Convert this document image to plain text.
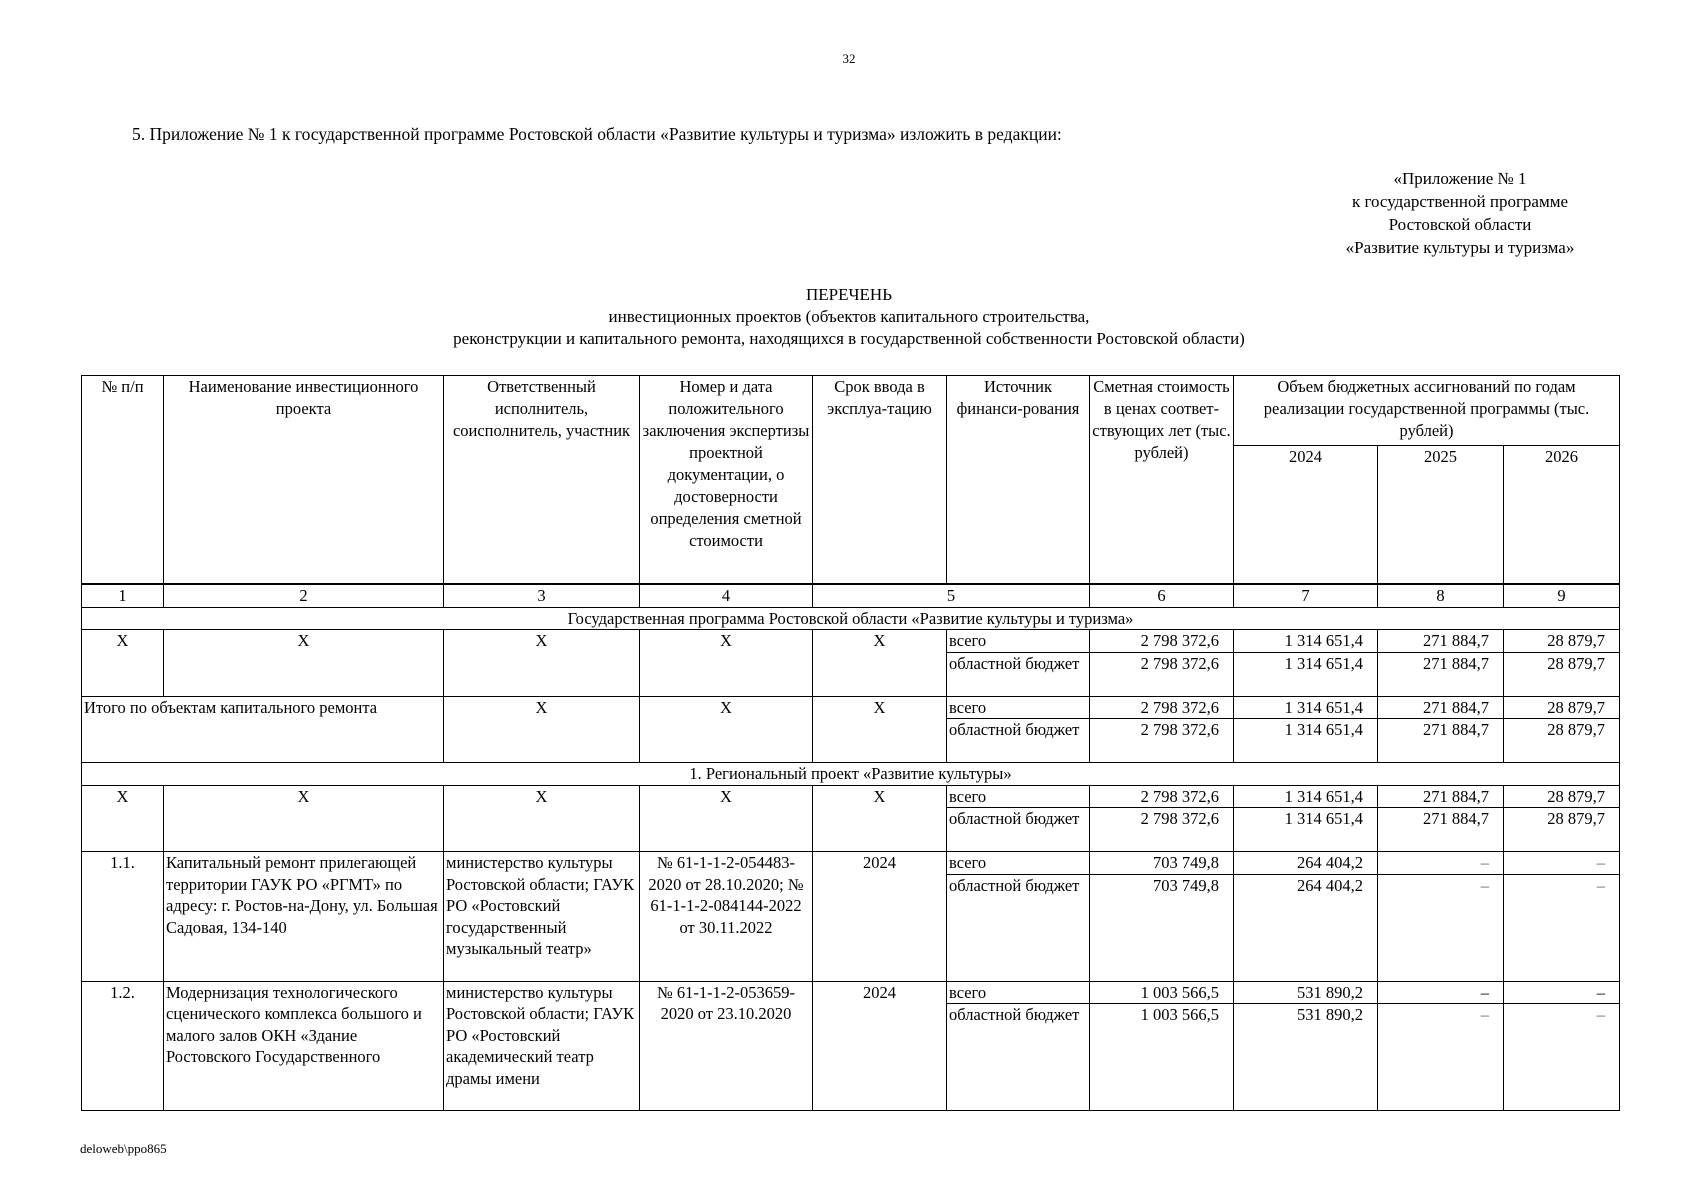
32
5. Приложение № 1 к государственной программе Ростовской области «Развитие культуры и туризма» изложить в редакции:
«Приложение № 1
к государственной программе
Ростовской области
«Развитие культуры и туризма»
ПЕРЕЧЕНЬ
инвестиционных проектов (объектов капитального строительства,
реконструкции и капитального ремонта, находящихся в государственной собственности Ростовской области)
№ п/п	Наименование инвестиционного проекта	Ответственный исполнитель, соисполнитель, участник	Номер и дата положительного заключения экспертизы проектной документации, о достоверности определения сметной стоимости	Срок ввода в эксплуа-тацию	Источник финанси-рования	Сметная стоимость в ценах соответ-ствующих лет (тыс. рублей)	Объем бюджетных ассигнований по годам реализации государственной программы (тыс. рублей)		
							2024	2025	2026
1	2	3	4	5		6	7	8	9
Государственная программа Ростовской области «Развитие культуры и туризма»									
Х	Х	Х	Х	Х	всего	2 798 372,6	1 314 651,4	271 884,7	28 879,7
					областной бюджет	2 798 372,6	1 314 651,4	271 884,7	28 879,7
Итого по объектам капитального ремонта		Х	Х	Х	всего	2 798 372,6	1 314 651,4	271 884,7	28 879,7
					областной бюджет	2 798 372,6	1 314 651,4	271 884,7	28 879,7
1. Региональный проект «Развитие культуры»									
Х	Х	Х	Х	Х	всего	2 798 372,6	1 314 651,4	271 884,7	28 879,7
					областной бюджет	2 798 372,6	1 314 651,4	271 884,7	28 879,7
1.1.	Капитальный ремонт прилегающей территории ГАУК РО «РГМТ» по адресу: г. Ростов-на-Дону, ул. Большая Садовая, 134-140	министерство культуры Ростовской области; ГАУК РО «Ростовский государственный музыкальный театр»	№ 61-1-1-2-054483-2020 от 28.10.2020; № 61-1-1-2-084144-2022 от 30.11.2022	2024	всего	703 749,8	264 404,2	–	–
					областной бюджет	703 749,8	264 404,2	–	–
1.2.	Модернизация технологического сценического комплекса большого и малого залов ОКН «Здание Ростовского Государственного	министерство культуры Ростовской области; ГАУК РО «Ростовский академический театр драмы имени	№ 61-1-1-2-053659-2020 от 23.10.2020	2024	всего	1 003 566,5	531 890,2	–	–
					областной бюджет	1 003 566,5	531 890,2	–	–
deloweb\ppo865
